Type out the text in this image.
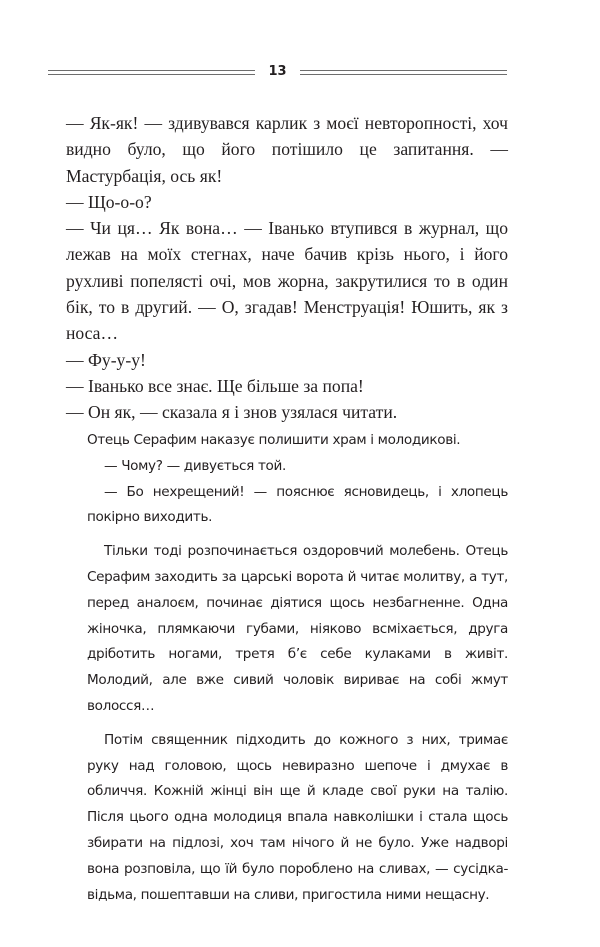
13

— Як-як! — здивувався карлик з моєї невторопності, хоч видно було, що його потішило це запитання. — Мастурбація, ось як!

— Що-о-о?

— Чи ця… Як вона… — Іванько втупився в журнал, що лежав на моїх стегнах, наче бачив крізь нього, і його рухливі попелясті очі, мов жорна, закрутилися то в один бік, то в другий. — О, згадав! Менструація! Юшить, як з носа…

— Фу-у-у!

— Іванько все знає. Ще більше за попа!

— Он як, — сказала я і знов узялася читати.

Отець Серафим наказує полишити храм і молодикові.

— Чому? — дивується той.

— Бо нехрещений! — пояснює ясновидець, і хлопець покірно виходить.

Тільки тоді розпочинається оздоровчий молебень. Отець Серафим заходить за царські ворота й читає молитву, а тут, перед аналоєм, починає діятися щось незбагненне. Одна жіночка, плямкаючи губами, ніяково всміхається, друга дріботить ногами, третя б’є себе кулаками в живіт. Молодий, але вже сивий чоловік вириває на собі жмут волосся…

Потім священник підходить до кожного з них, тримає руку над головою, щось невиразно шепоче і дмухає в обличчя. Кожній жінці він ще й кладе свої руки на талію. Після цього одна молодиця впала навколішки і стала щось збирати на підлозі, хоч там нічого й не було. Уже надворі вона розповіла, що їй було пороблено на сливах, — сусідка-відьма, пошептавши на сливи, пригостила ними нещасну.
